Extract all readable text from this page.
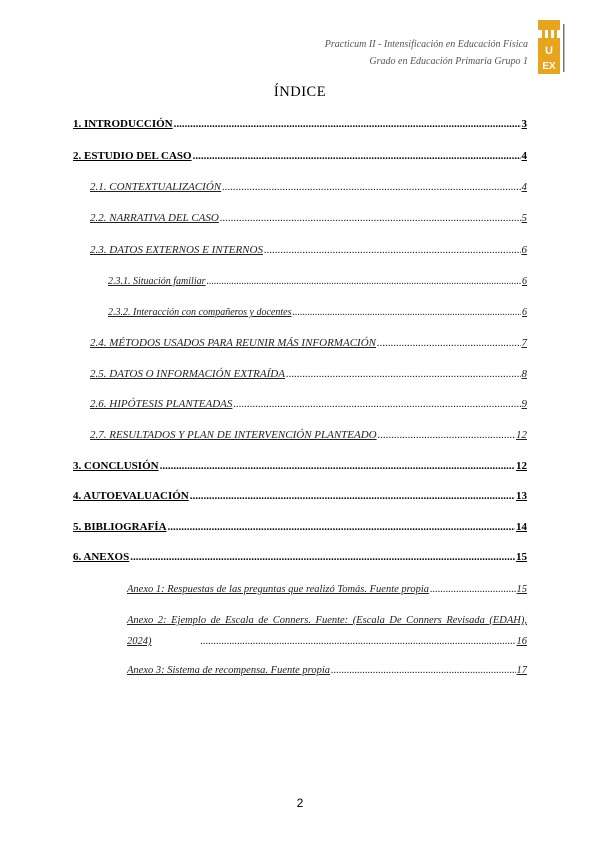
Practicum II - Intensificación en Educación Física
Grado en Educación Primaria Grupo 1
U
EX
ÍNDICE
1. INTRODUCCIÓN .....	3
2. ESTUDIO DEL CASO .....	4
2.1. CONTEXTUALIZACIÓN .....	4
2.2. NARRATIVA DEL CASO .....	5
2.3. DATOS EXTERNOS E INTERNOS .....	6
2.3.1. Situación familiar .....	6
2.3.2. Interacción con compañeros y docentes .....	6
2.4. MÉTODOS USADOS PARA REUNIR MÁS INFORMACIÓN .....	7
2.5. DATOS O INFORMACIÓN EXTRAÍDA .....	8
2.6. HIPÓTESIS PLANTEADAS .....	9
2.7. RESULTADOS Y PLAN DE INTERVENCIÓN PLANTEADO .....	12
3. CONCLUSIÓN .....	12
4. AUTOEVALUACIÓN .....	13
5. BIBLIOGRAFÍA .....	14
6. ANEXOS .....	15
Anexo 1: Respuestas de las preguntas que realizó Tomás. Fuente propia .....	15
Anexo 2: Ejemplo de Escala de Conners. Fuente: (Escala De Conners Revisada (EDAH), 2024) .....	16
Anexo 3: Sistema de recompensa. Fuente propia .....	17
2
